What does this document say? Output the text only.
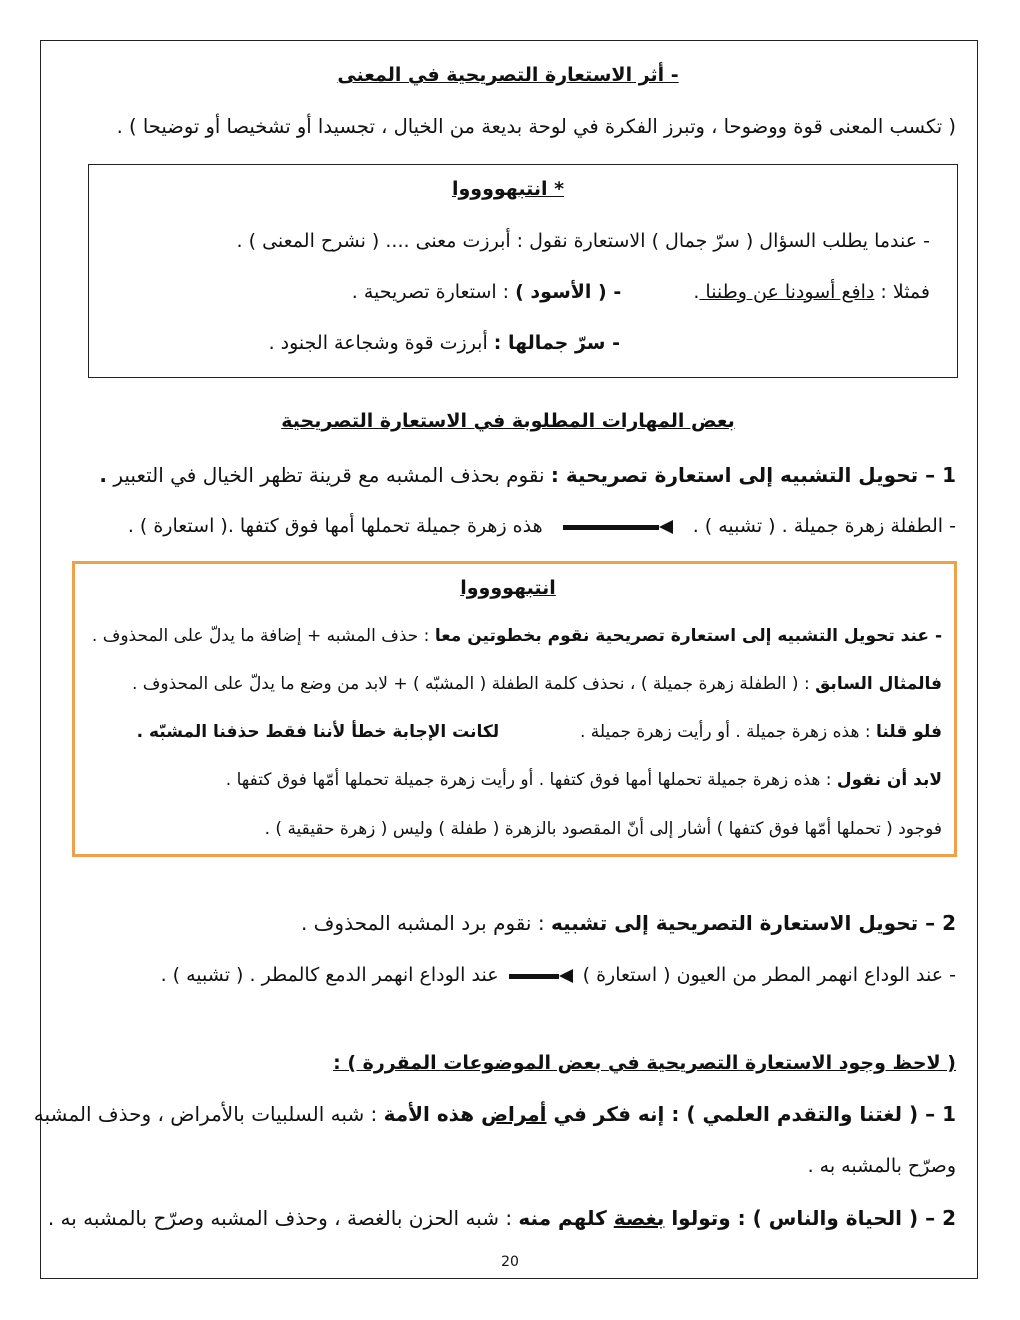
- أثر الاستعارة التصريحية في المعنى
( تكسب المعنى قوة ووضوحا ، وتبرز الفكرة في لوحة بديعة من الخيال ، تجسيدا أو تشخيصا أو توضيحا ) .
* انتبهووووا
- عندما يطلب السؤال ( سرّ جمال ) الاستعارة نقول : أبرزت معنى .... ( نشرح المعنى ) .
فمثلا : دافع أسودنا عن وطننا .  - ( الأسود ) : استعارة تصريحية .
- سرّ جمالها : أبرزت قوة وشجاعة الجنود .
بعض المهارات المطلوبة في الاستعارة التصريحية
1 – تحويل التشبيه إلى استعارة تصريحية : نقوم بحذف المشبه مع قرينة تظهر الخيال في التعبير .
- الطفلة زهرة جميلة . ( تشبيه ) .  هذه زهرة جميلة تحملها أمها فوق كتفها .( استعارة ) .
انتبهووووا
- عند تحويل التشبيه إلى استعارة تصريحية نقوم بخطوتين معا : حذف المشبه + إضافة ما يدلّ على المحذوف .
فالمثال السابق : ( الطفلة زهرة جميلة ) ، نحذف كلمة الطفلة ( المشبّه ) + لابد من وضع ما يدلّ على المحذوف .
فلو قلنا : هذه زهرة جميلة . أو رأيت زهرة جميلة .  لكانت الإجابة خطأ لأننا فقط حذفنا المشبّه .
لابد أن نقول : هذه زهرة جميلة تحملها أمها فوق كتفها . أو رأيت زهرة جميلة تحملها أمّها فوق كتفها .
فوجود ( تحملها أمّها فوق كتفها ) أشار إلى أنّ المقصود بالزهرة ( طفلة ) وليس ( زهرة حقيقية ) .
2 – تحويل الاستعارة التصريحية إلى تشبيه : نقوم برد المشبه المحذوف .
- عند الوداع انهمر المطر من العيون ( استعارة )  عند الوداع انهمر الدمع كالمطر . ( تشبيه ) .
( لاحظ وجود الاستعارة التصريحية في بعض الموضوعات المقررة ) :
1 – ( لغتنا والتقدم العلمي ) : إنه فكر في أمراض هذه الأمة : شبه السلبيات بالأمراض ، وحذف المشبه
وصرّح بالمشبه به .
2 – ( الحياة والناس ) : وتولوا بغصة كلهم منه : شبه الحزن بالغصة ، وحذف المشبه وصرّح بالمشبه به .
20
